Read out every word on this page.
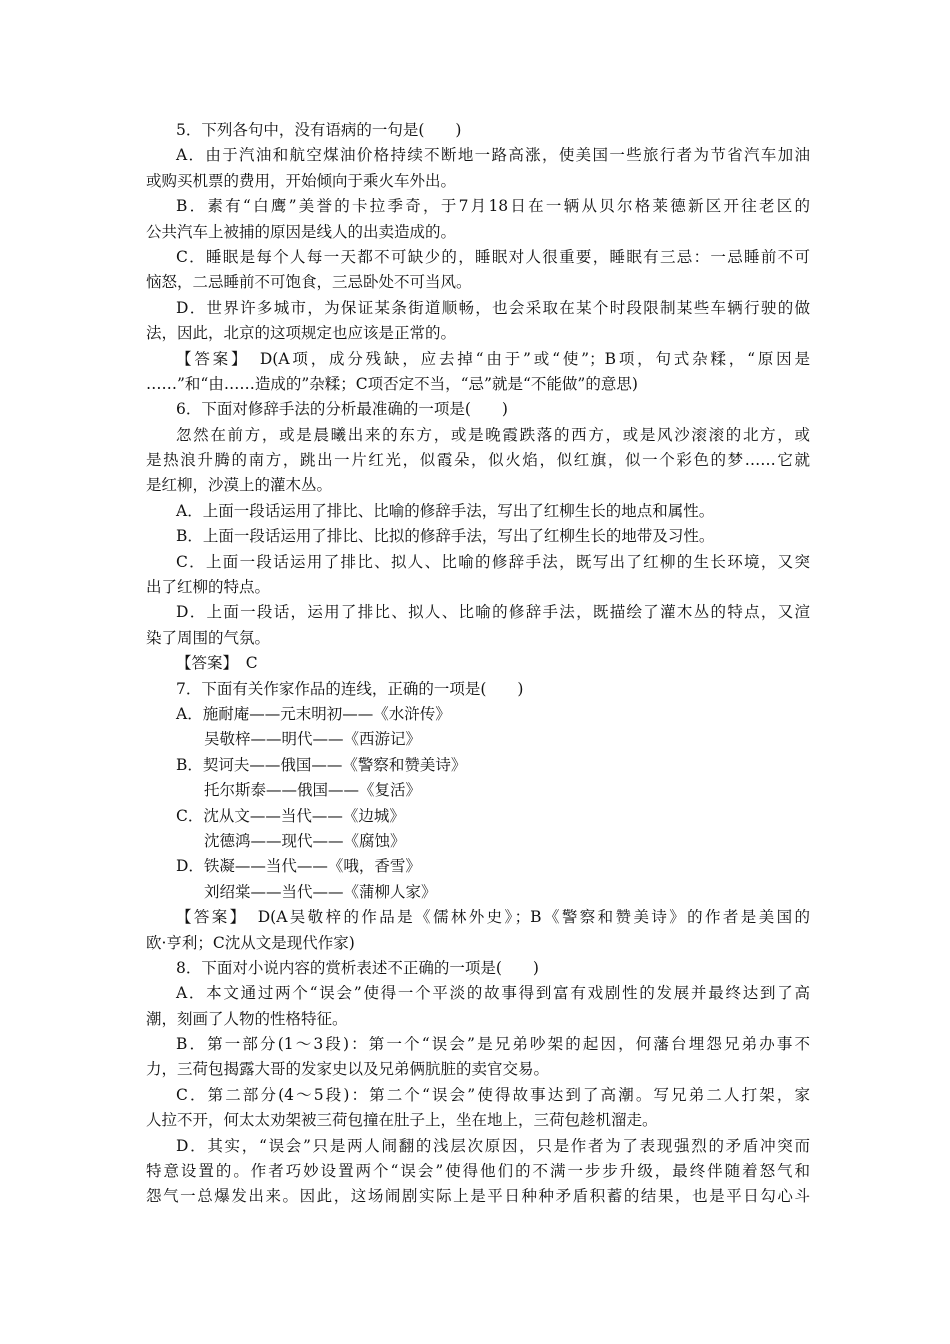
5．下列各句中，没有语病的一句是(　　)
A．由于汽油和航空煤油价格持续不断地一路高涨，使美国一些旅行者为节省汽车加油
或购买机票的费用，开始倾向于乘火车外出。
B．素有“白鹰”美誉的卡拉季奇，于7月18日在一辆从贝尔格莱德新区开往老区的
公共汽车上被捕的原因是线人的出卖造成的。
C．睡眠是每个人每一天都不可缺少的，睡眠对人很重要，睡眠有三忌：一忌睡前不可
恼怒，二忌睡前不可饱食，三忌卧处不可当风。
D．世界许多城市，为保证某条街道顺畅，也会采取在某个时段限制某些车辆行驶的做
法，因此，北京的这项规定也应该是正常的。
【答案】　D(A项，成分残缺，应去掉“由于”或“使”；B项，句式杂糅，“原因是
……”和“由……造成的”杂糅；C项否定不当，“忌”就是“不能做”的意思)
6．下面对修辞手法的分析最准确的一项是(　　)
忽然在前方，或是晨曦出来的东方，或是晚霞跌落的西方，或是风沙滚滚的北方，或
是热浪升腾的南方，跳出一片红光，似霞朵，似火焰，似红旗，似一个彩色的梦……它就
是红柳，沙漠上的灌木丛。
A．上面一段话运用了排比、比喻的修辞手法，写出了红柳生长的地点和属性。
B．上面一段话运用了排比、比拟的修辞手法，写出了红柳生长的地带及习性。
C．上面一段话运用了排比、拟人、比喻的修辞手法，既写出了红柳的生长环境，又突
出了红柳的特点。
D．上面一段话，运用了排比、拟人、比喻的修辞手法，既描绘了灌木丛的特点，又渲
染了周围的气氛。
【答案】　C
7．下面有关作家作品的连线，正确的一项是(　　)
A．施耐庵——元末明初——《水浒传》
吴敬梓——明代——《西游记》
B．契诃夫——俄国——《警察和赞美诗》
托尔斯泰——俄国——《复活》
C．沈从文——当代——《边城》
沈德鸿——现代——《腐蚀》
D．铁凝——当代——《哦，香雪》
刘绍棠——当代——《蒲柳人家》
【答案】　D(A吴敬梓的作品是《儒林外史》；B《警察和赞美诗》的作者是美国的
欧·亨利；C沈从文是现代作家)
8．下面对小说内容的赏析表述不正确的一项是(　　)
A．本文通过两个“误会”使得一个平淡的故事得到富有戏剧性的发展并最终达到了高
潮，刻画了人物的性格特征。
B．第一部分(1～3段)：第一个“误会”是兄弟吵架的起因，何藩台埋怨兄弟办事不
力，三荷包揭露大哥的发家史以及兄弟俩肮脏的卖官交易。
C．第二部分(4～5段)：第二个“误会”使得故事达到了高潮。写兄弟二人打架，家
人拉不开，何太太劝架被三荷包撞在肚子上，坐在地上，三荷包趁机溜走。
D．其实，“误会”只是两人闹翻的浅层次原因，只是作者为了表现强烈的矛盾冲突而
特意设置的。作者巧妙设置两个“误会”使得他们的不满一步步升级，最终伴随着怒气和
怨气一总爆发出来。因此，这场闹剧实际上是平日种种矛盾积蓄的结果，也是平日勾心斗
